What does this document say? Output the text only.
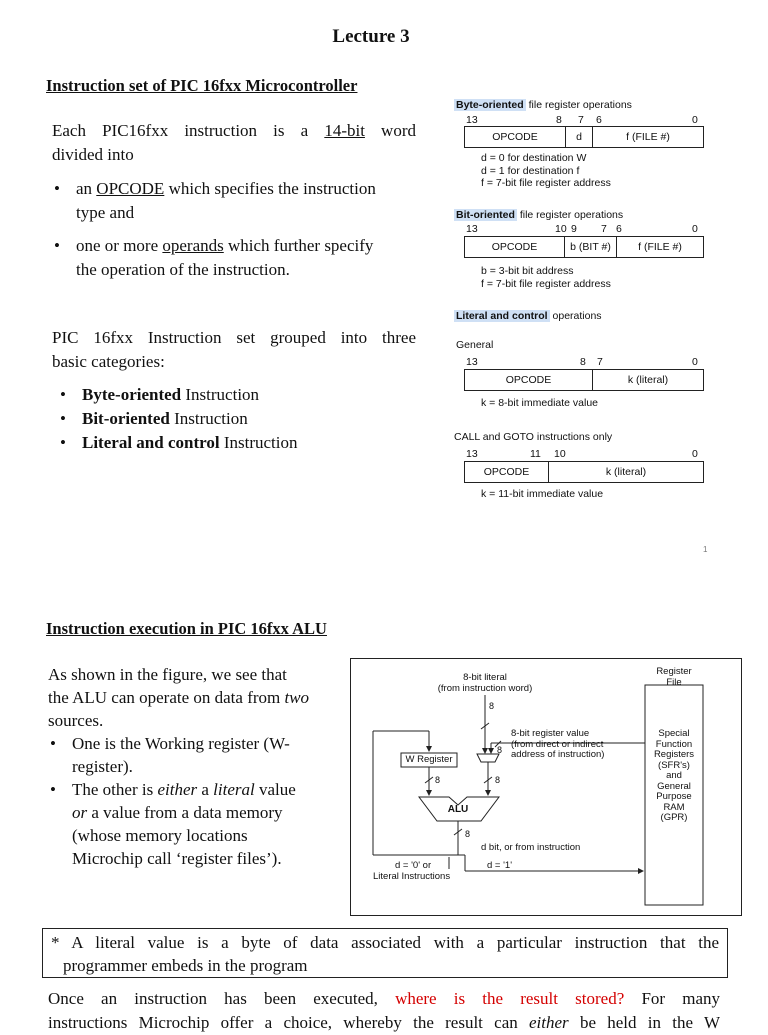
Lecture 3
Instruction set of PIC 16fxx Microcontroller
Each PIC16fxx instruction is a 14-bit word
divided into
• an OPCODE which specifies the instruction
type and
• one or more operands which further specify
the operation of the instruction.
PIC 16fxx Instruction set grouped into three
basic categories:
• Byte-oriented Instruction
• Bit-oriented Instruction
• Literal and control Instruction
Byte-oriented file register operations
13	8 7 6	0
OPCODE	d	f (FILE #)
d = 0 for destination W
d = 1 for destination f
f = 7-bit file register address
Bit-oriented file register operations
13	10 9 7 6	0
OPCODE	b (BIT #)	f (FILE #)
b = 3-bit bit address
f = 7-bit file register address
Literal and control operations
General
13	8 7	0
OPCODE	k (literal)
k = 8-bit immediate value
CALL and GOTO instructions only
13	11 10	0
OPCODE	k (literal)
k = 11-bit immediate value
1
Instruction execution in PIC 16fxx ALU
As shown in the figure, we see that
the ALU can operate on data from two
sources.
• One is the Working register (W-
register).
• The other is either a literal value
or a value from a data memory
(whose memory locations
Microchip call ‘register files’).
8-bit literal
(from instruction word)
8
8-bit register value
(from direct or indirect
address of instruction)
8
W Register
8	8
ALU
8
Register
File
Special
Function
Registers
(SFR's)
and
General
Purpose
RAM
(GPR)
d bit, or from instruction
d = '0' or
Literal Instructions
d = '1'
* A literal value is a byte of data associated with a particular instruction that the
programmer embeds in the program
Once an instruction has been executed, where is the result stored? For many
instructions Microchip offer a choice, whereby the result can either be held in the W
